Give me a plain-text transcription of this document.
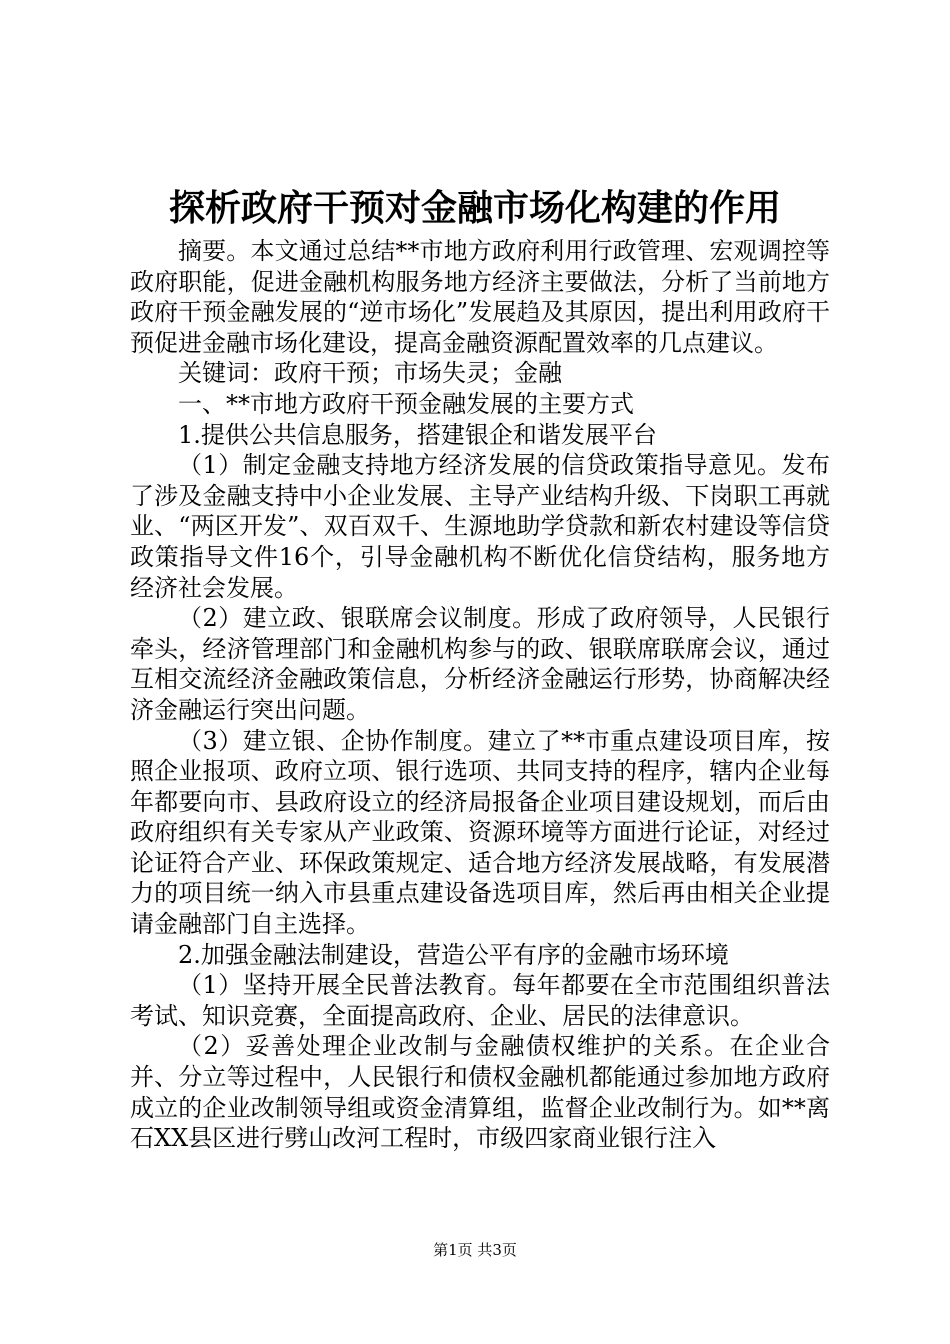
探析政府干预对金融市场化构建的作用

摘要。本文通过总结**市地方政府利用行政管理、宏观调控等政府职能，促进金融机构服务地方经济主要做法，分析了当前地方政府干预金融发展的“逆市场化”发展趋及其原因，提出利用政府干预促进金融市场化建设，提高金融资源配置效率的几点建议。

关键词：政府干预；市场失灵；金融

一、**市地方政府干预金融发展的主要方式

1.提供公共信息服务，搭建银企和谐发展平台

（1）制定金融支持地方经济发展的信贷政策指导意见。发布了涉及金融支持中小企业发展、主导产业结构升级、下岗职工再就业、“两区开发”、双百双千、生源地助学贷款和新农村建设等信贷政策指导文件16个，引导金融机构不断优化信贷结构，服务地方经济社会发展。

（2）建立政、银联席会议制度。形成了政府领导，人民银行牵头，经济管理部门和金融机构参与的政、银联席联席会议，通过互相交流经济金融政策信息，分析经济金融运行形势，协商解决经济金融运行突出问题。

（3）建立银、企协作制度。建立了**市重点建设项目库，按照企业报项、政府立项、银行选项、共同支持的程序，辖内企业每年都要向市、县政府设立的经济局报备企业项目建设规划，而后由政府组织有关专家从产业政策、资源环境等方面进行论证，对经过论证符合产业、环保政策规定、适合地方经济发展战略，有发展潜力的项目统一纳入市县重点建设备选项目库，然后再由相关企业提请金融部门自主选择。

2.加强金融法制建设，营造公平有序的金融市场环境

（1）坚持开展全民普法教育。每年都要在全市范围组织普法考试、知识竞赛，全面提高政府、企业、居民的法律意识。

（2）妥善处理企业改制与金融债权维护的关系。在企业合并、分立等过程中，人民银行和债权金融机都能通过参加地方政府成立的企业改制领导组或资金清算组，监督企业改制行为。如**离石XX县区进行劈山改河工程时，市级四家商业银行注入

第1页 共3页
